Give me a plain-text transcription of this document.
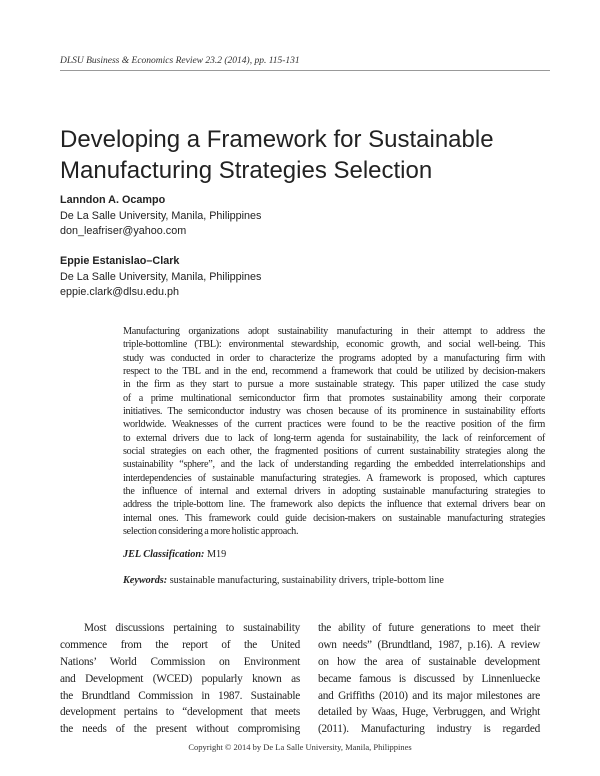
DLSU Business & Economics Review 23.2 (2014), pp. 115-131
Developing a Framework for Sustainable
Manufacturing Strategies Selection
Lanndon A. Ocampo
De La Salle University, Manila, Philippines
don_leafriser@yahoo.com
Eppie Estanislao–Clark
De La Salle University, Manila, Philippines
eppie.clark@dlsu.edu.ph
Manufacturing organizations adopt sustainability manufacturing in their attempt to address the
triple-bottomline (TBL): environmental stewardship, economic growth, and social well-being. This
study was conducted in order to characterize the programs adopted by a manufacturing firm with
respect to the TBL and in the end, recommend a framework that could be utilized by decision-makers
in the firm as they start to pursue a more sustainable strategy. This paper utilized the case study
of a prime multinational semiconductor firm that promotes sustainability among their corporate
initiatives. The semiconductor industry was chosen because of its prominence in sustainability efforts
worldwide. Weaknesses of the current practices were found to be the reactive position of the firm
to external drivers due to lack of long-term agenda for sustainability, the lack of reinforcement of
social strategies on each other, the fragmented positions of current sustainability strategies along the
sustainability “sphere”, and the lack of understanding regarding the embedded interrelationships and
interdependencies of sustainable manufacturing strategies. A framework is proposed, which captures
the influence of internal and external drivers in adopting sustainable manufacturing strategies to
address the triple-bottom line. The framework also depicts the influence that external drivers bear on
internal ones. This framework could guide decision-makers on sustainable manufacturing strategies
selection considering a more holistic approach.
JEL Classification: M19
Keywords: sustainable manufacturing, sustainability drivers, triple-bottom line
Most discussions pertaining to sustainability
commence from the report of the United
Nations’ World Commission on Environment
and Development (WCED) popularly known as
the Brundtland Commission in 1987. Sustainable
development pertains to “development that meets
the needs of the present without compromising
the ability of future generations to meet their
own needs” (Brundtland, 1987, p.16). A review
on how the area of sustainable development
became famous is discussed by Linnenluecke
and Griffiths (2010) and its major milestones are
detailed by Waas, Huge, Verbruggen, and Wright
(2011). Manufacturing industry is regarded
Copyright © 2014 by De La Salle University, Manila, Philippines
